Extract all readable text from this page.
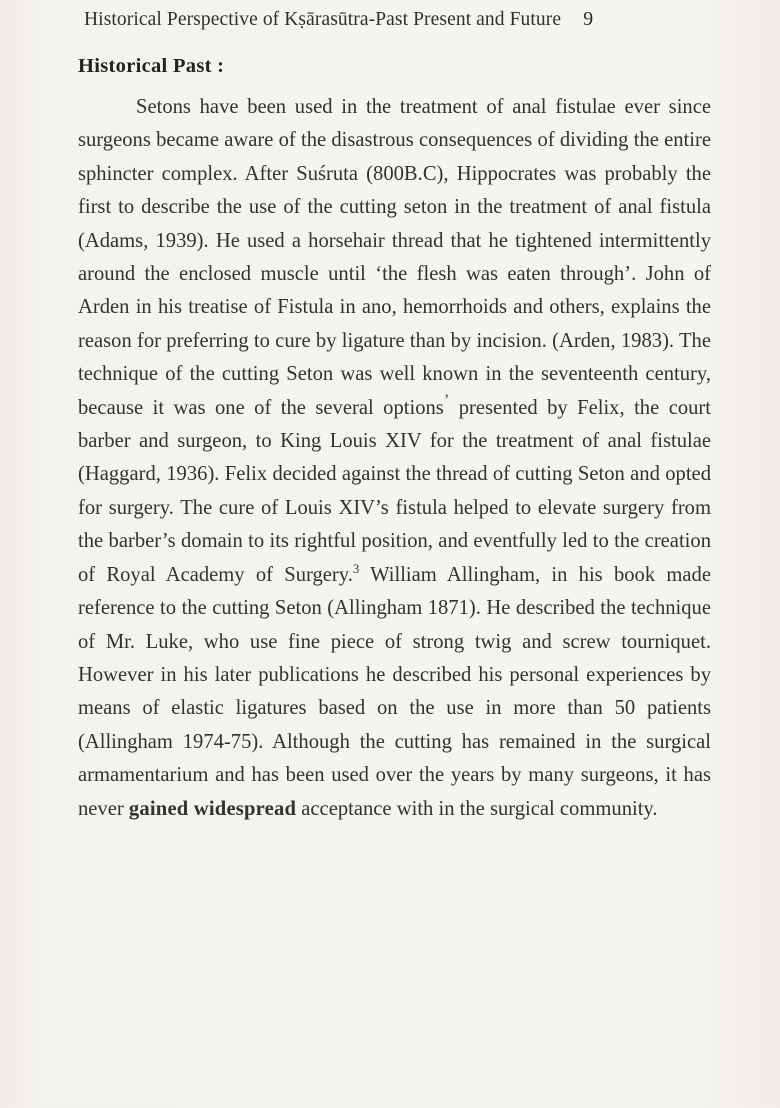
Historical Perspective of Kṣārasūtra-Past Present and Future 9
Historical Past :

Setons have been used in the treatment of anal fistulae ever since surgeons became aware of the disastrous consequences of dividing the entire sphincter complex. After Suśruta (800B.C), Hippocrates was probably the first to describe the use of the cutting seton in the treatment of anal fistula (Adams, 1939). He used a horsehair thread that he tightened intermittently around the enclosed muscle until ‘the flesh was eaten through’. John of Arden in his treatise of Fistula in ano, hemorrhoids and others, explains the reason for preferring to cure by ligature than by incision. (Arden, 1983). The technique of the cutting Seton was well known in the seventeenth century, because it was one of the several options$^ʼ$ presented by Felix, the court barber and surgeon, to King Louis XIV for the treatment of anal fistulae (Haggard, 1936). Felix decided against the thread of cutting Seton and opted for surgery. The cure of Louis XIV’s fistula helped to elevate surgery from the barber’s domain to its rightful position, and eventfully led to the creation of Royal Academy of Surgery.$^3$ William Allingham, in his book made reference to the cutting Seton (Allingham 1871). He described the technique of Mr. Luke, who use fine piece of strong twig and screw tourniquet. However in his later publications he described his personal experiences by means of elastic ligatures based on the use in more than 50 patients (Allingham 1974-75). Although the cutting has remained in the surgical armamentarium and has been used over the years by many surgeons, it has never gained widespread acceptance with in the surgical community.
